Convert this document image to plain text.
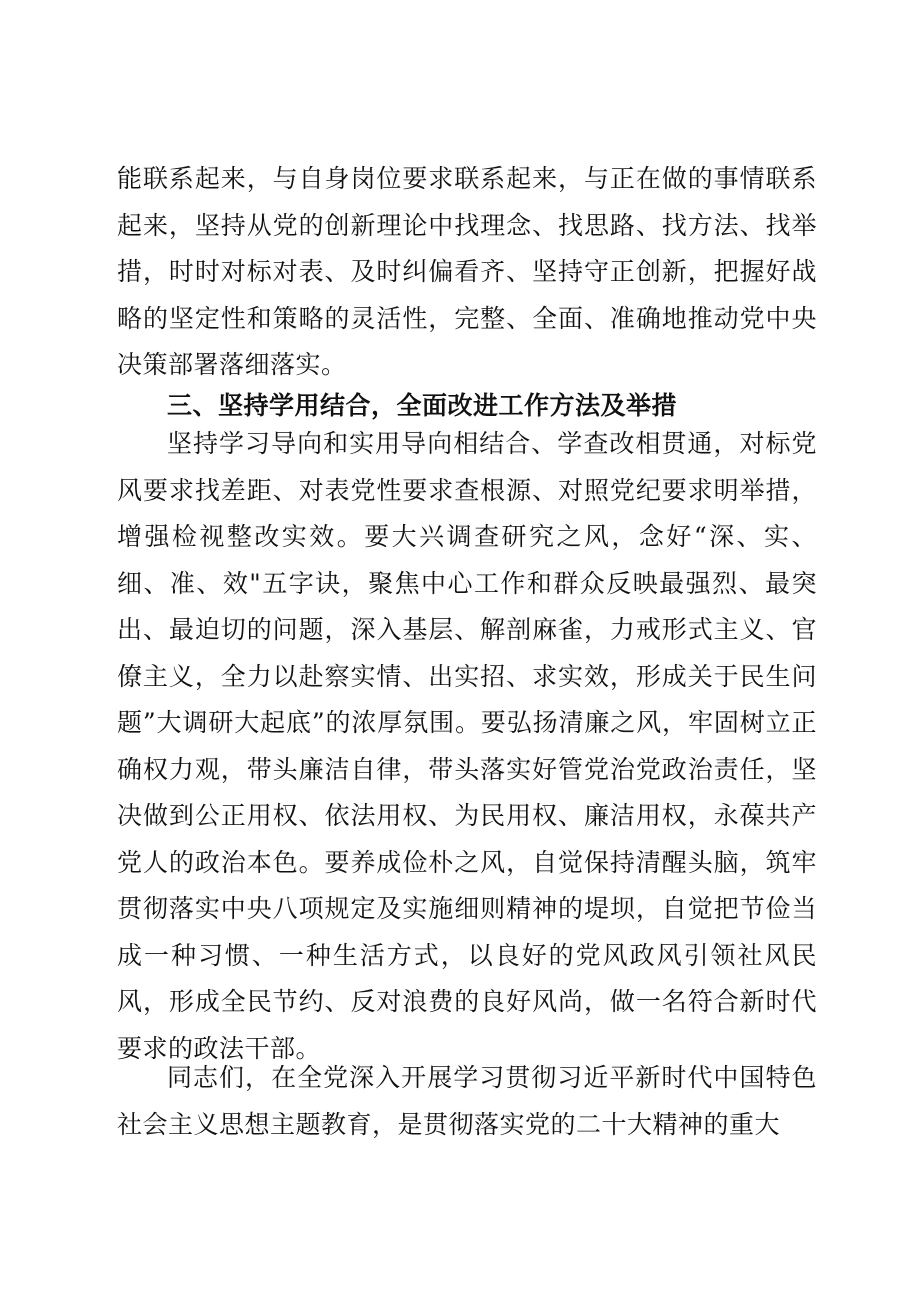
能联系起来，与自身岗位要求联系起来，与正在做的事情联系起来，坚持从党的创新理论中找理念、找思路、找方法、找举措，时时对标对表、及时纠偏看齐、坚持守正创新，把握好战略的坚定性和策略的灵活性，完整、全面、准确地推动党中央决策部署落细落实。

三、坚持学用结合，全面改进工作方法及举措

坚持学习导向和实用导向相结合、学查改相贯通，对标党风要求找差距、对表党性要求查根源、对照党纪要求明举措，增强检视整改实效。要大兴调查研究之风，念好“深、实、细、准、效"五字诀，聚焦中心工作和群众反映最强烈、最突出、最迫切的问题，深入基层、解剖麻雀，力戒形式主义、官僚主义，全力以赴察实情、出实招、求实效，形成关于民生问题”大调研大起底”的浓厚氛围。要弘扬清廉之风，牢固树立正确权力观，带头廉洁自律，带头落实好管党治党政治责任，坚决做到公正用权、依法用权、为民用权、廉洁用权，永葆共产党人的政治本色。要养成俭朴之风，自觉保持清醒头脑，筑牢贯彻落实中央八项规定及实施细则精神的堤坝，自觉把节俭当成一种习惯、一种生活方式，以良好的党风政风引领社风民风，形成全民节约、反对浪费的良好风尚，做一名符合新时代要求的政法干部。

同志们，在全党深入开展学习贯彻习近平新时代中国特色社会主义思想主题教育，是贯彻落实党的二十大精神的重大
